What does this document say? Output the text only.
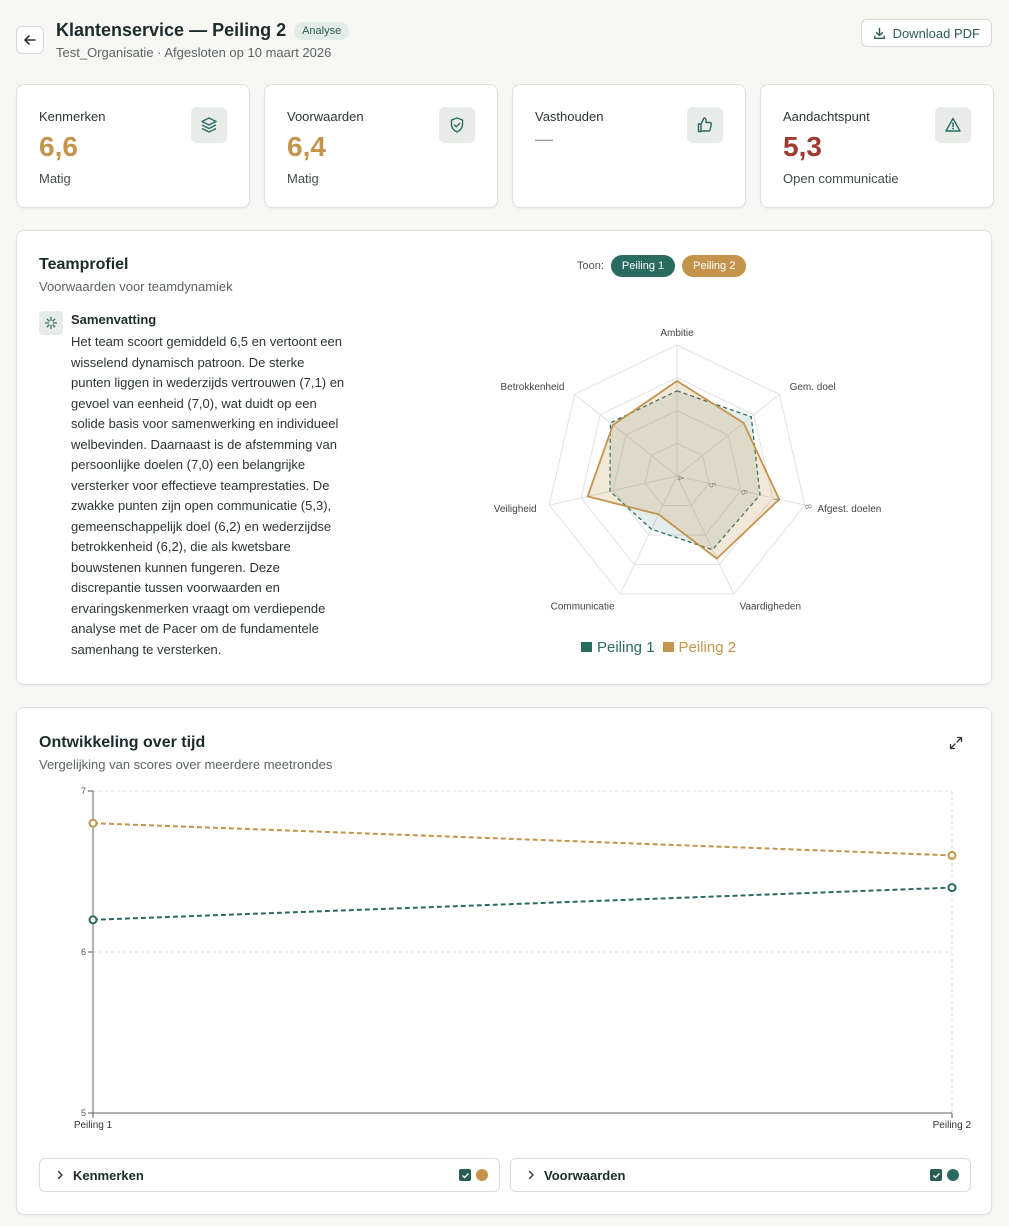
Klantenservice — Peiling 2	Analyse
Test_Organisatie · Afgesloten op 10 maart 2026
Download PDF
Kenmerken
6,6
Matig
Voorwaarden
6,4
Matig
Vasthouden
—
Aandachtspunt
5,3
Open communicatie
Teamprofiel
Voorwaarden voor teamdynamiek
Samenvatting
Het team scoort gemiddeld 6,5 en vertoont een wisselend dynamisch patroon. De sterke punten liggen in wederzijds vertrouwen (7,1) en gevoel van eenheid (7,0), wat duidt op een solide basis voor samenwerking en individueel welbevinden. Daarnaast is de afstemming van persoonlijke doelen (7,0) een belangrijke versterker voor effectieve teamprestaties. De zwakke punten zijn open communicatie (5,3), gemeenschappelijk doel (6,2) en wederzijdse betrokkenheid (6,2), die als kwetsbare bouwstenen kunnen fungeren. Deze discrepantie tussen voorwaarden en ervaringskenmerken vraagt om verdiepende analyse met de Pacer om de fundamentele samenhang te versterken.
Toon:	Peiling 1	Peiling 2
4
5
6
7
8
Ambitie
Gem. doel
Afgest. doelen
Vaardigheden
Communicatie
Veiligheid
Betrokkenheid
Peiling 1	Peiling 2
Ontwikkeling over tijd
Vergelijking van scores over meerdere meetrondes
5
6
7
Peiling 1	Peiling 2
Kenmerken	Voorwaarden
